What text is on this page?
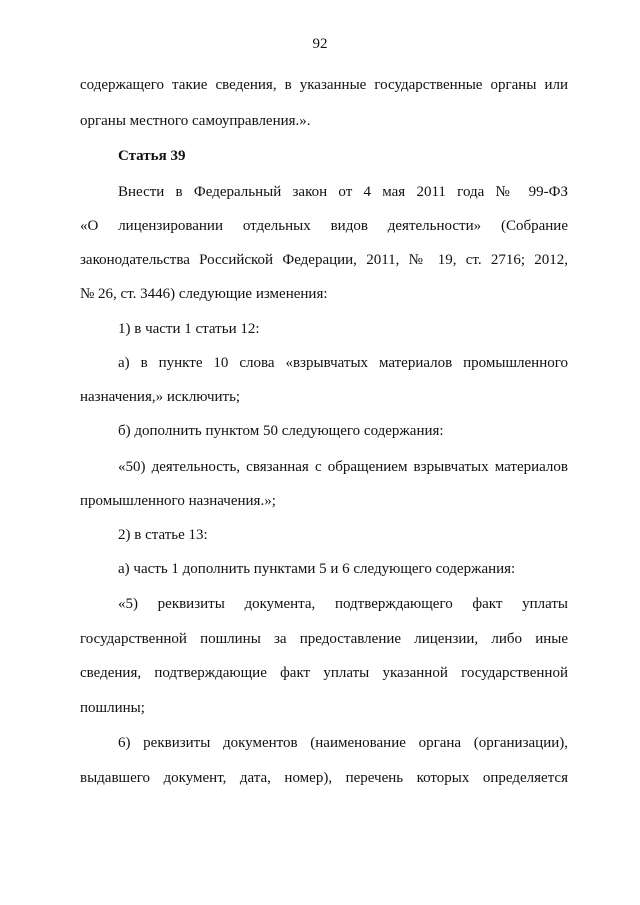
92
содержащего такие сведения, в указанные государственные органы или
органы местного самоуправления.».
Статья 39
Внести в Федеральный закон от 4 мая 2011 года № 99-ФЗ
«О лицензировании отдельных видов деятельности» (Собрание
законодательства Российской Федерации, 2011, № 19, ст. 2716; 2012,
№ 26, ст. 3446) следующие изменения:
1) в части 1 статьи 12:
а) в пункте 10 слова «взрывчатых материалов промышленного
назначения,» исключить;
б) дополнить пунктом 50 следующего содержания:
«50) деятельность, связанная с обращением взрывчатых материалов
промышленного назначения.»;
2) в статье 13:
а) часть 1 дополнить пунктами 5 и 6 следующего содержания:
«5) реквизиты документа, подтверждающего факт уплаты
государственной пошлины за предоставление лицензии, либо иные
сведения, подтверждающие факт уплаты указанной государственной
пошлины;
6) реквизиты документов (наименование органа (организации),
выдавшего документ, дата, номер), перечень которых определяется
